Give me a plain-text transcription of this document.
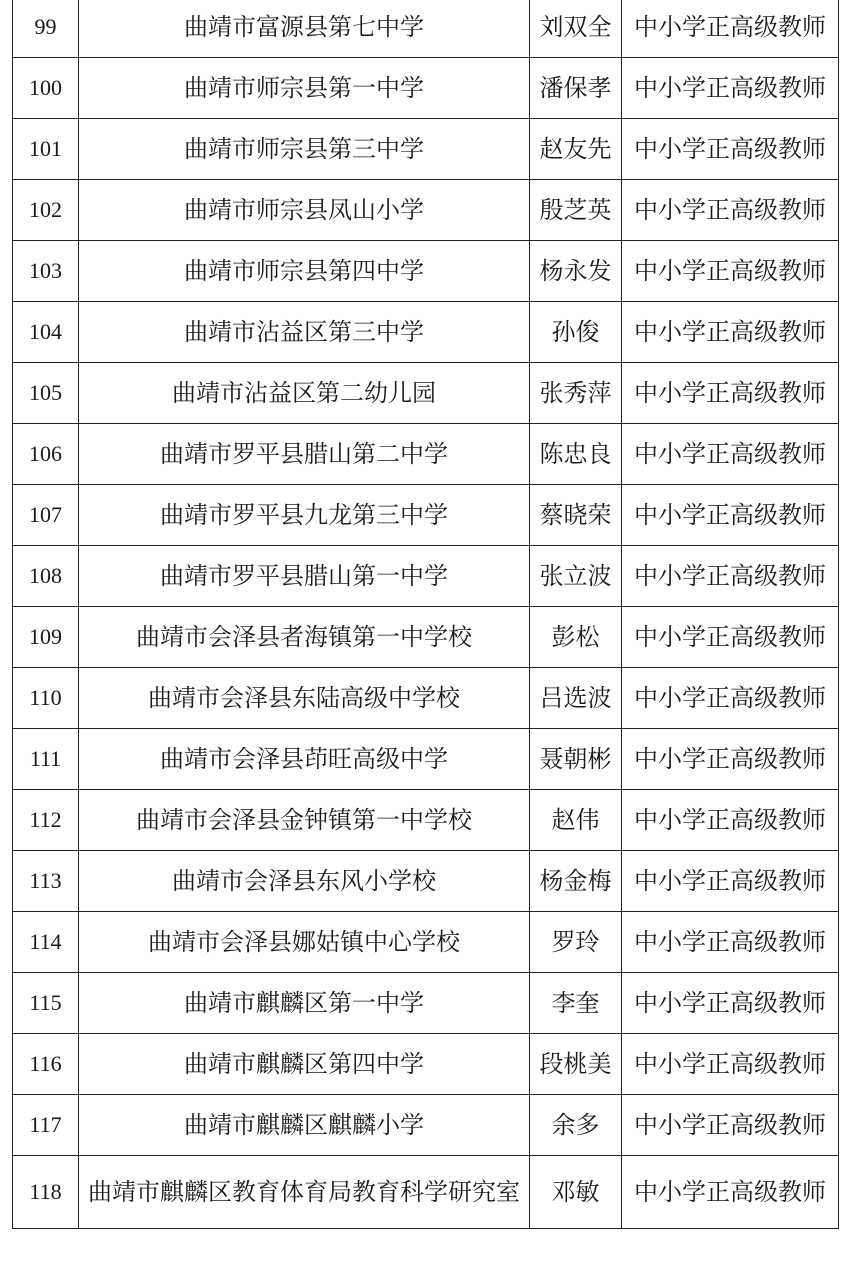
99	曲靖市富源县第七中学	刘双全	中小学正高级教师
100	曲靖市师宗县第一中学	潘保孝	中小学正高级教师
101	曲靖市师宗县第三中学	赵友先	中小学正高级教师
102	曲靖市师宗县凤山小学	殷芝英	中小学正高级教师
103	曲靖市师宗县第四中学	杨永发	中小学正高级教师
104	曲靖市沾益区第三中学	孙俊	中小学正高级教师
105	曲靖市沾益区第二幼儿园	张秀萍	中小学正高级教师
106	曲靖市罗平县腊山第二中学	陈忠良	中小学正高级教师
107	曲靖市罗平县九龙第三中学	蔡晓荣	中小学正高级教师
108	曲靖市罗平县腊山第一中学	张立波	中小学正高级教师
109	曲靖市会泽县者海镇第一中学校	彭松	中小学正高级教师
110	曲靖市会泽县东陆高级中学校	吕选波	中小学正高级教师
111	曲靖市会泽县茚旺高级中学	聂朝彬	中小学正高级教师
112	曲靖市会泽县金钟镇第一中学校	赵伟	中小学正高级教师
113	曲靖市会泽县东风小学校	杨金梅	中小学正高级教师
114	曲靖市会泽县娜姑镇中心学校	罗玲	中小学正高级教师
115	曲靖市麒麟区第一中学	李奎	中小学正高级教师
116	曲靖市麒麟区第四中学	段桃美	中小学正高级教师
117	曲靖市麒麟区麒麟小学	余多	中小学正高级教师
118	曲靖市麒麟区教育体育局教育科学研究室	邓敏	中小学正高级教师
